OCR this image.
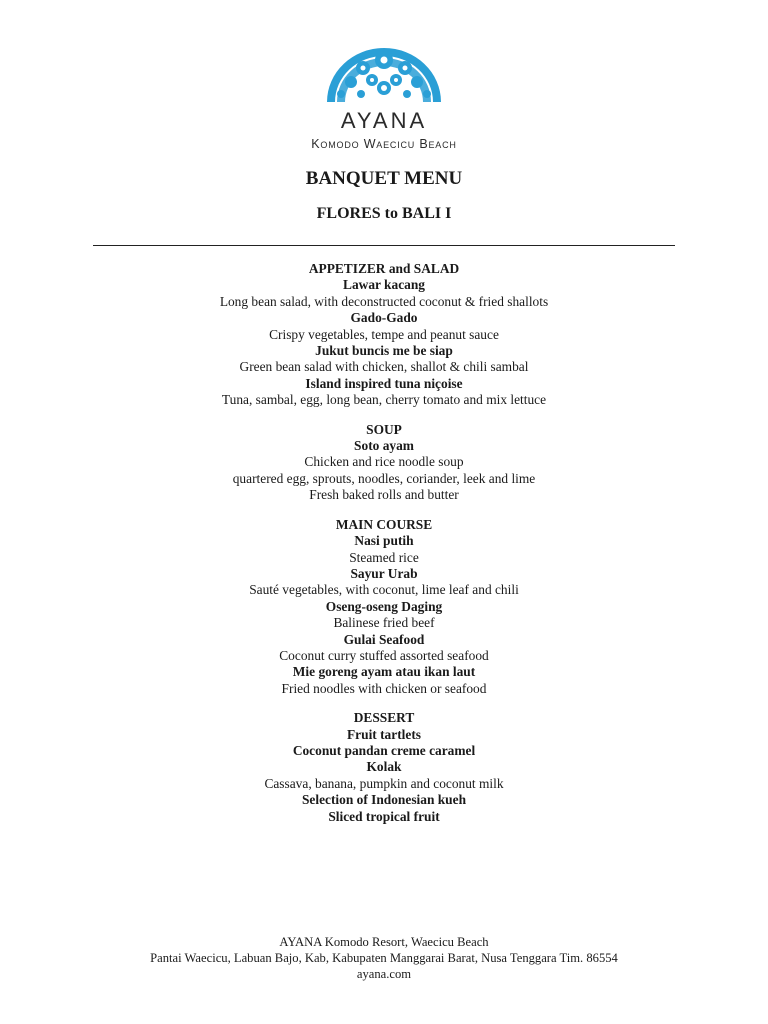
AYANA
Komodo Waecicu Beach
BANQUET MENU
FLORES to BALI I
APPETIZER and SALAD
Lawar kacang
Long bean salad, with deconstructed coconut & fried shallots
Gado-Gado
Crispy vegetables, tempe and peanut sauce
Jukut buncis me be siap
Green bean salad with chicken, shallot & chili sambal
Island inspired tuna niçoise
Tuna, sambal, egg, long bean, cherry tomato and mix lettuce
SOUP
Soto ayam
Chicken and rice noodle soup
quartered egg, sprouts, noodles, coriander, leek and lime
Fresh baked rolls and butter
MAIN COURSE
Nasi putih
Steamed rice
Sayur Urab
Sauté vegetables, with coconut, lime leaf and chili
Oseng-oseng Daging
Balinese fried beef
Gulai Seafood
Coconut curry stuffed assorted seafood
Mie goreng ayam atau ikan laut
Fried noodles with chicken or seafood
DESSERT
Fruit tartlets
Coconut pandan creme caramel
Kolak
Cassava, banana, pumpkin and coconut milk
Selection of Indonesian kueh
Sliced tropical fruit
AYANA Komodo Resort, Waecicu Beach
Pantai Waecicu, Labuan Bajo, Kab, Kabupaten Manggarai Barat, Nusa Tenggara Tim. 86554
ayana.com
